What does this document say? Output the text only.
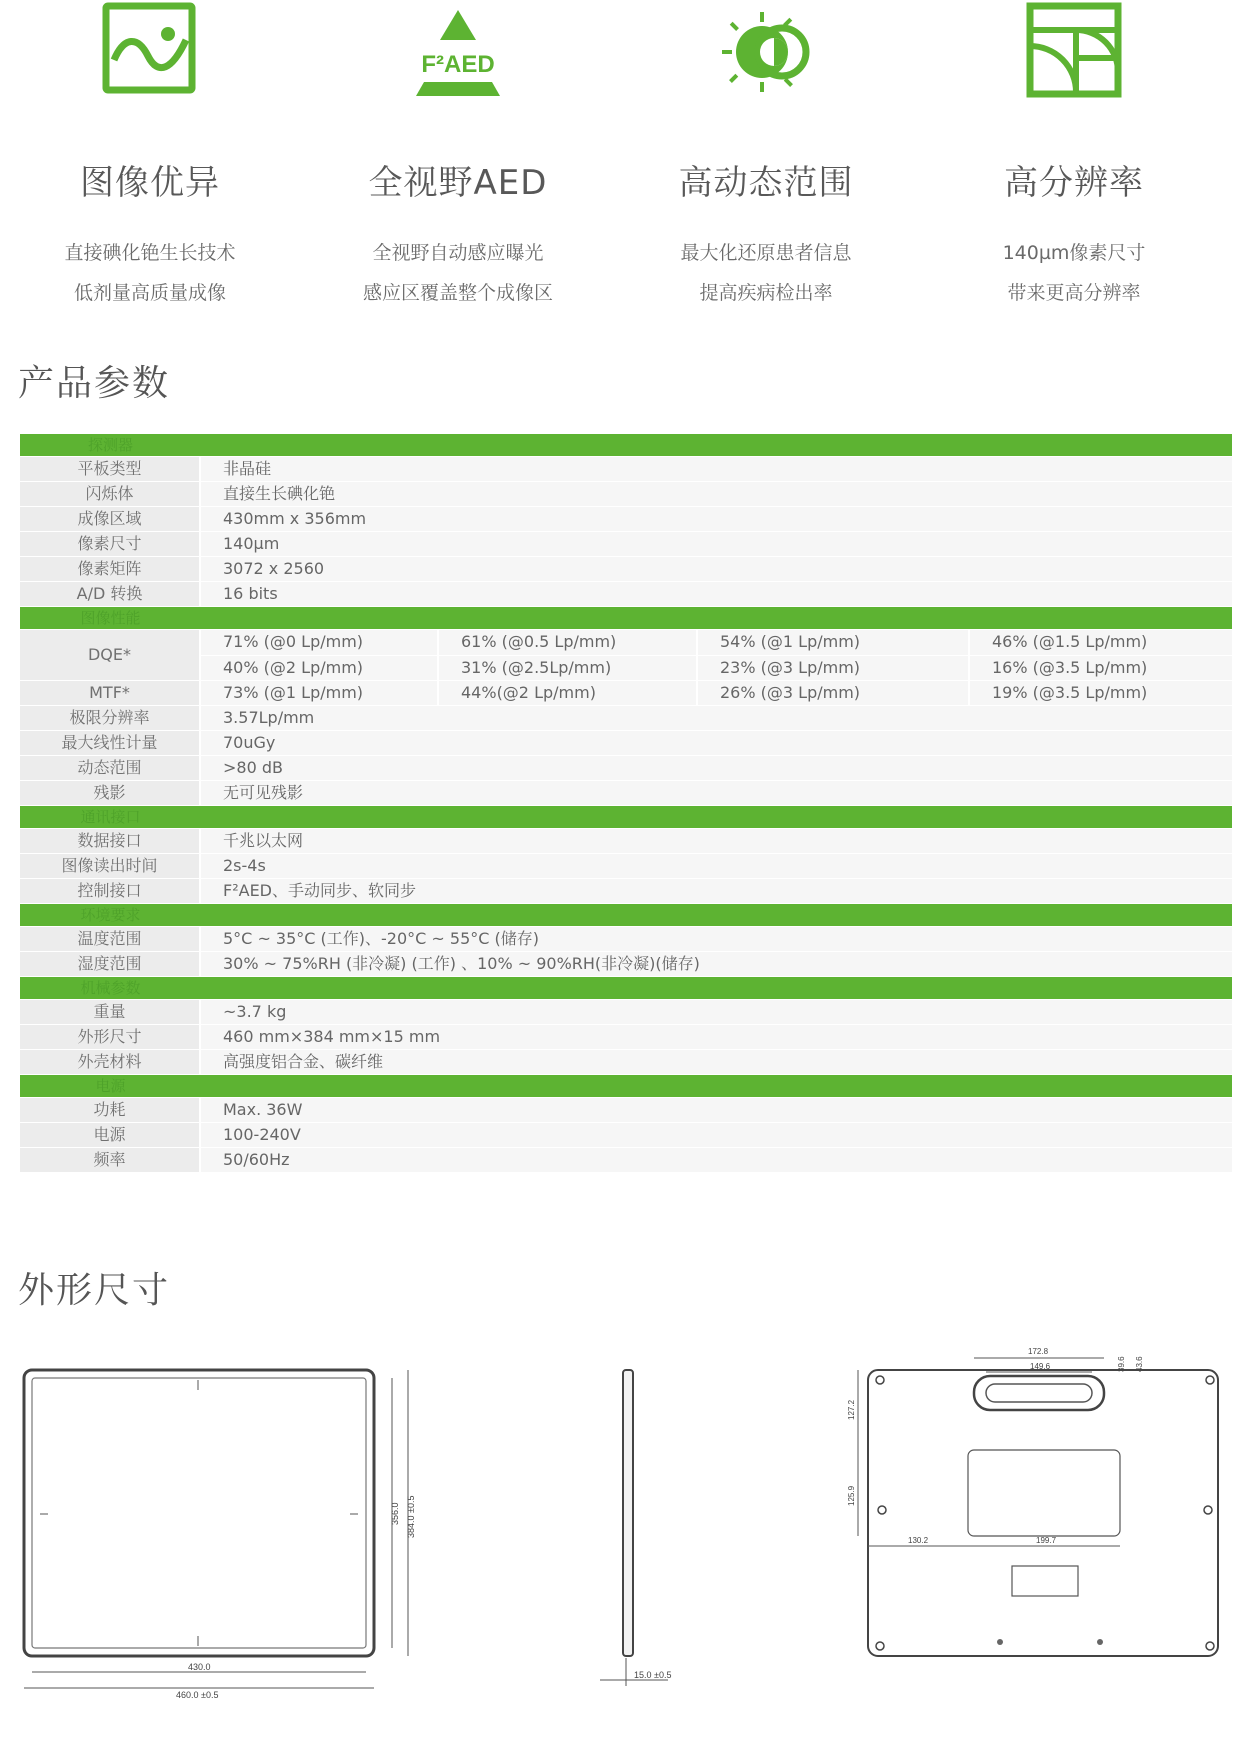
图像优异
直接碘化铯生长技术
低剂量高质量成像
F²AED
全视野AED
全视野自动感应曝光
感应区覆盖整个成像区
高动态范围
最大化还原患者信息
提高疾病检出率
高分辨率
140µm像素尺寸
带来更高分辨率
产品参数
探测器				
平板类型	非晶硅			
闪烁体	直接生长碘化铯			
成像区域	430mm x 356mm			
像素尺寸	140µm			
像素矩阵	3072 x 2560			
A/D 转换	16 bits			
图像性能				
DQE*	71% (@0 Lp/mm)	61% (@0.5 Lp/mm)	54% (@1 Lp/mm)	46% (@1.5 Lp/mm)
	40% (@2 Lp/mm)	31% (@2.5Lp/mm)	23% (@3 Lp/mm)	16% (@3.5 Lp/mm)
MTF*	73% (@1 Lp/mm)	44%(@2 Lp/mm)	26% (@3 Lp/mm)	19% (@3.5 Lp/mm)
极限分辨率	3.57Lp/mm			
最大线性计量	70uGy			
动态范围	>80 dB			
残影	无可见残影			
通讯接口				
数据接口	千兆以太网			
图像读出时间	2s-4s			
控制接口	F²AED、手动同步、软同步			
环境要求				
温度范围	5°C ~ 35°C (工作)、-20°C ~ 55°C (储存)			
湿度范围	30% ~ 75%RH (非冷凝) (工作) 、10% ~ 90%RH(非冷凝)(储存)			
机械参数				
重量	~3.7 kg			
外形尺寸	460 mm×384 mm×15 mm			
外壳材料	高强度铝合金、碳纤维			
电源				
功耗	Max. 36W			
电源	100-240V			
频率	50/60Hz			
外形尺寸
356.0 384.0 ±0.5
430.0
460.0 ±0.5
15.0 ±0.5
172.8
149.6	39.6 43.6
127.2
125.9
130.2	199.7
